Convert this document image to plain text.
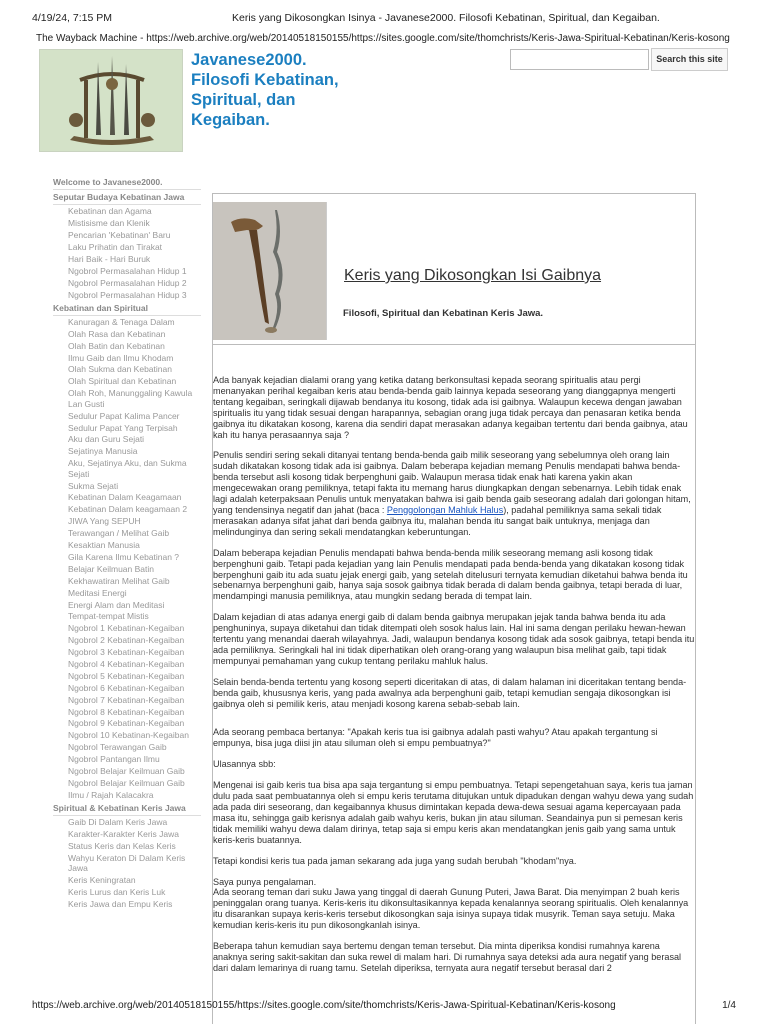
4/19/24, 7:15 PM	Keris yang Dikosongkan Isinya - Javanese2000. Filosofi Kebatinan, Spiritual, dan Kegaiban.
The Wayback Machine - https://web.archive.org/web/20140518150155/https://sites.google.com/site/thomchrists/Keris-Jawa-Spiritual-Kebatinan/Keris-kosong
Javanese2000.
Filosofi Kebatinan,
Spiritual, dan
Kegaiban.
Search this site
Welcome to Javanese2000.
Seputar Budaya Kebatinan Jawa
Kebatinan dan Agama
Mistisisme dan Klenik
Pencarian 'Kebatinan' Baru
Laku Prihatin dan Tirakat
Hari Baik - Hari Buruk
Ngobrol Permasalahan Hidup 1
Ngobrol Permasalahan Hidup 2
Ngobrol Permasalahan Hidup 3
Kebatinan dan Spiritual
Kanuragan & Tenaga Dalam
Olah Rasa dan Kebatinan
Olah Batin dan Kebatinan
Ilmu Gaib dan Ilmu Khodam
Olah Sukma dan Kebatinan
Olah Spiritual dan Kebatinan
Olah Roh, Manunggaling Kawula Lan Gusti
Sedulur Papat Kalima Pancer
Sedulur Papat Yang Terpisah
Aku dan Guru Sejati
Sejatinya Manusia
Aku, Sejatinya Aku, dan Sukma Sejati
Sukma Sejati
Kebatinan Dalam Keagamaan
Kebatinan Dalam keagamaan 2
JIWA Yang SEPUH
Terawangan / Melihat Gaib
Kesaktian Manusia
Gila Karena Ilmu Kebatinan ?
Belajar Keilmuan Batin
Kekhawatiran Melihat Gaib
Meditasi Energi
Energi Alam dan Meditasi
Tempat-tempat Mistis
Ngobrol 1 Kebatinan-Kegaiban
Ngobrol 2 Kebatinan-Kegaiban
Ngobrol 3 Kebatinan-Kegaiban
Ngobrol 4 Kebatinan-Kegaiban
Ngobrol 5 Kebatinan-Kegaiban
Ngobrol 6 Kebatinan-Kegaiban
Ngobrol 7 Kebatinan-Kegaiban
Ngobrol 8 Kebatinan-Kegaiban
Ngobrol 9 Kebatinan-Kegaiban
Ngobrol 10 Kebatinan-Kegaiban
Ngobrol Terawangan Gaib
Ngobrol Pantangan Ilmu
Ngobrol Belajar Keilmuan Gaib
Ngobrol Belajar Keilmuan Gaib
Ilmu / Rajah Kalacakra
Spiritual & Kebatinan Keris Jawa
Gaib Di Dalam Keris Jawa
Karakter-Karakter Keris Jawa
Status Keris dan Kelas Keris
Wahyu Keraton Di Dalam Keris Jawa
Keris Keningratan
Keris Lurus dan Keris Luk
Keris Jawa dan Empu Keris
Keris yang Dikosongkan Isi Gaibnya
Filosofi, Spiritual dan Kebatinan Keris Jawa.

Ada banyak kejadian dialami orang yang ketika datang berkonsultasi kepada seorang spiritualis atau pergi menanyakan perihal kegaiban keris atau benda-benda gaib lainnya kepada seseorang yang dianggapnya mengerti tentang kegaiban, seringkali dijawab bendanya itu kosong, tidak ada isi gaibnya. Walaupun kecewa dengan jawaban spiritualis itu yang tidak sesuai dengan harapannya, sebagian orang juga tidak percaya dan penasaran ketika benda gaibnya itu dikatakan kosong, karena dia sendiri dapat merasakan adanya kegaiban tertentu dari benda gaibnya, atau kah itu hanya perasaannya saja ?

Penulis sendiri sering sekali ditanyai tentang benda-benda gaib milik seseorang yang sebelumnya oleh orang lain sudah dikatakan kosong tidak ada isi gaibnya. Dalam beberapa kejadian memang Penulis mendapati bahwa benda-benda tersebut asli kosong tidak berpenghuni gaib. Walaupun merasa tidak enak hati karena yakin akan mengecewakan orang pemiliknya, tetapi fakta itu memang harus diungkapkan dengan sebenarnya. Lebih tidak enak lagi adalah keterpaksaan Penulis untuk menyatakan bahwa isi gaib benda gaib seseorang adalah dari golongan hitam, yang tendensinya negatif dan jahat (baca : Penggolongan Mahluk Halus), padahal pemiliknya sama sekali tidak merasakan adanya sifat jahat dari benda gaibnya itu, malahan benda itu sangat baik untuknya, menjaga dan melindunginya dan sering sekali mendatangkan keberuntungan.

Dalam beberapa kejadian Penulis mendapati bahwa benda-benda milik seseorang memang asli kosong tidak berpenghuni gaib. Tetapi pada kejadian yang lain Penulis mendapati pada benda-benda yang dikatakan kosong tidak berpenghuni gaib itu ada suatu jejak energi gaib, yang setelah ditelusuri ternyata kemudian diketahui bahwa benda itu sebenarnya berpenghuni gaib, hanya saja sosok gaibnya tidak berada di dalam benda gaibnya, tetapi berada di luar, mendampingi manusia pemiliknya, atau mungkin sedang berada di tempat lain.

Dalam kejadian di atas adanya energi gaib di dalam benda gaibnya merupakan jejak tanda bahwa benda itu ada penghuninya, supaya diketahui dan tidak ditempati oleh sosok halus lain. Hal ini sama dengan perilaku hewan-hewan tertentu yang menandai daerah wilayahnya. Jadi, walaupun bendanya kosong tidak ada sosok gaibnya, tetapi benda itu ada pemiliknya. Seringkali hal ini tidak diperhatikan oleh orang-orang yang walaupun bisa melihat gaib, tapi tidak mempunyai pemahaman yang cukup tentang perilaku mahluk halus.

Selain benda-benda tertentu yang kosong seperti diceritakan di atas, di dalam halaman ini diceritakan tentang benda-benda gaib, khususnya keris, yang pada awalnya ada berpenghuni gaib, tetapi kemudian sengaja dikosongkan isi gaibnya oleh si pemilik keris, atau menjadi kosong karena sebab-sebab lain.

Ada seorang pembaca bertanya: "Apakah keris tua isi gaibnya adalah pasti wahyu? Atau apakah tergantung si empunya, bisa juga diisi jin atau siluman oleh si empu pembuatnya?"

Ulasannya sbb:

Mengenai isi gaib keris tua bisa apa saja tergantung si empu pembuatnya. Tetapi sepengetahuan saya, keris tua jaman dulu pada saat pembuatannya oleh si empu keris terutama ditujukan untuk dipadukan dengan wahyu dewa yang sudah ada pada diri seseorang, dan kegaibannya khusus dimintakan kepada dewa-dewa sesuai agama kepercayaan pada masa itu, sehingga gaib kerisnya adalah gaib wahyu keris, bukan jin atau siluman. Seandainya pun si pemesan keris tidak memiliki wahyu dewa dalam dirinya, tetap saja si empu keris akan mendatangkan jenis gaib yang sama untuk keris-keris buatannya.

Tetapi kondisi keris tua pada jaman sekarang ada juga yang sudah berubah "khodam"nya.

Saya punya pengalaman.
Ada seorang teman dari suku Jawa yang tinggal di daerah Gunung Puteri, Jawa Barat. Dia menyimpan 2 buah keris peninggalan orang tuanya. Keris-keris itu dikonsultasikannya kepada kenalannya seorang spiritualis. Oleh kenalannya itu disarankan supaya keris-keris tersebut dikosongkan saja isinya supaya tidak musyrik. Teman saya setuju. Maka kemudian keris-keris itu pun dikosongkanlah isinya.

Beberapa tahun kemudian saya bertemu dengan teman tersebut. Dia minta diperiksa kondisi rumahnya karena anaknya sering sakit-sakitan dan suka rewel di malam hari. Di rumahnya saya deteksi ada aura negatif yang berasal dari dalam lemarinya di ruang tamu. Setelah diperiksa, ternyata aura negatif tersebut berasal dari 2

https://web.archive.org/web/20140518150155/https://sites.google.com/site/thomchrists/Keris-Jawa-Spiritual-Kebatinan/Keris-kosong	1/4
